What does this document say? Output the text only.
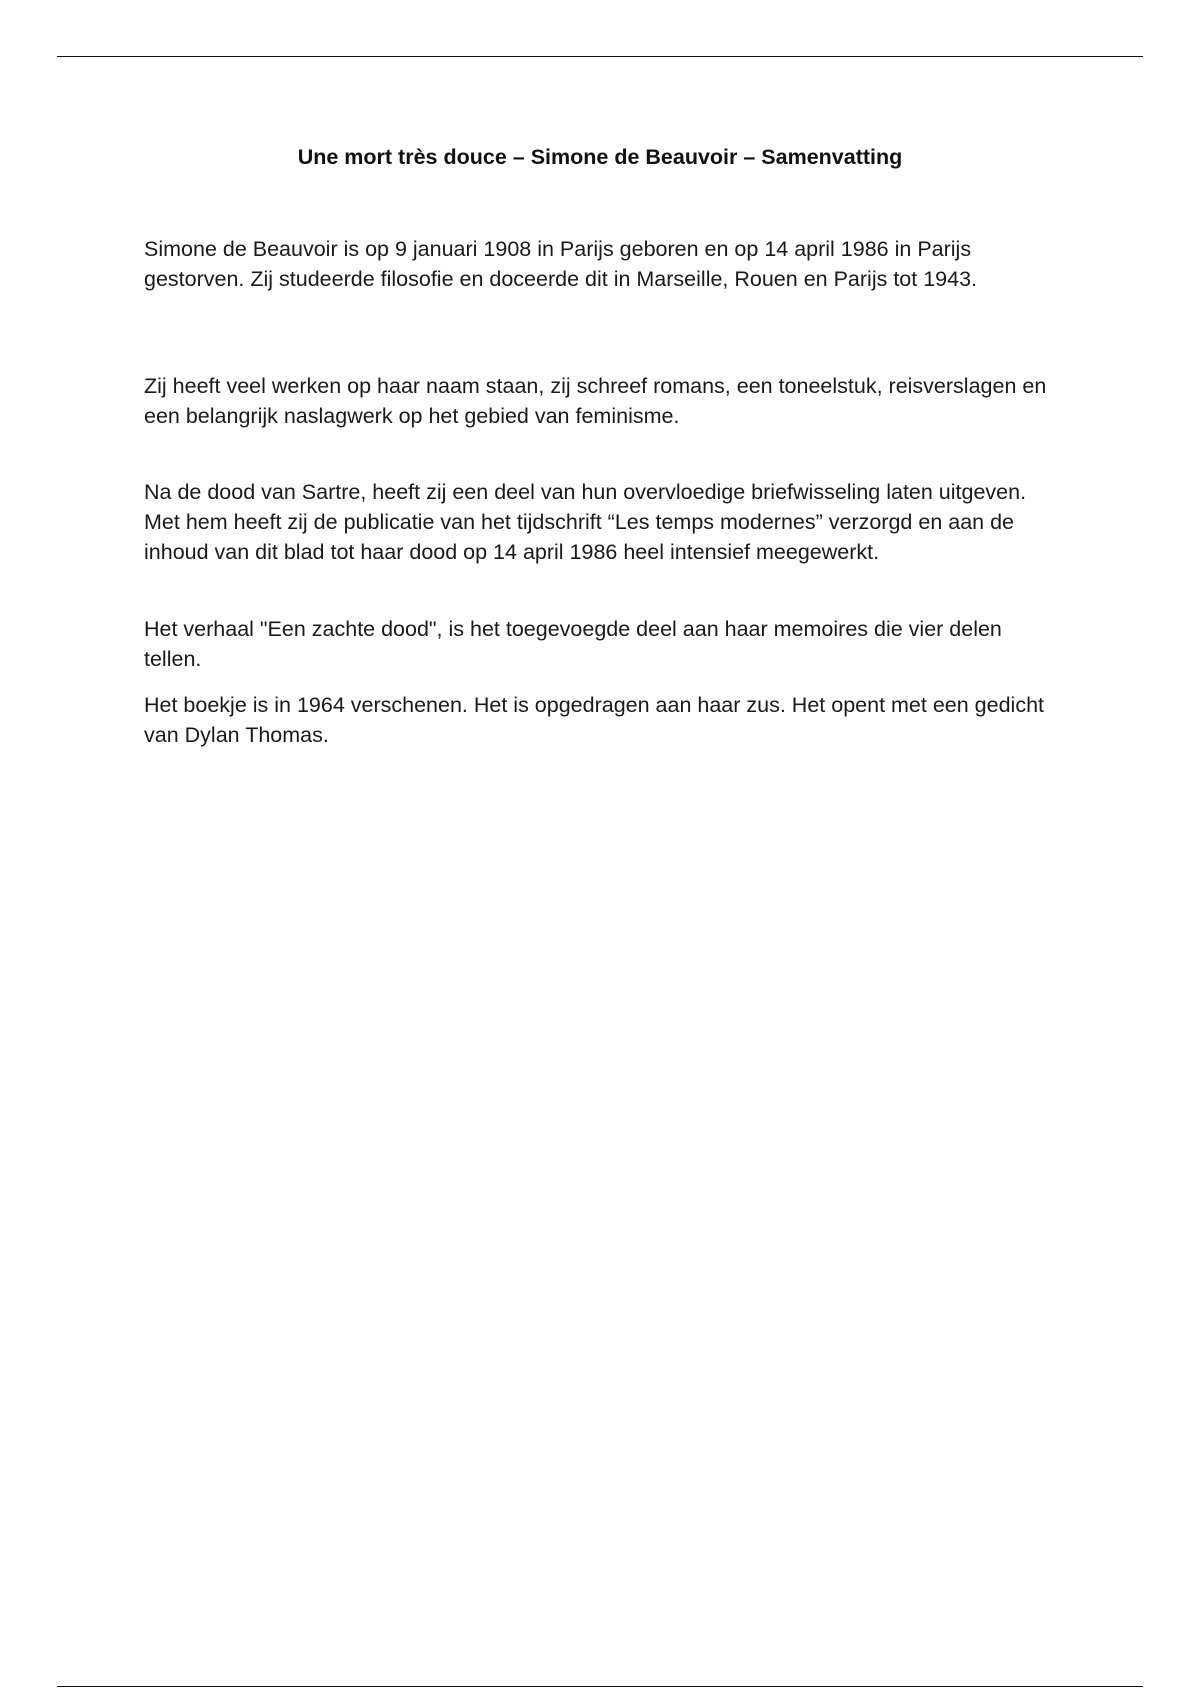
Une mort très douce – Simone de Beauvoir – Samenvatting

Simone de Beauvoir is op 9 januari 1908 in Parijs geboren en op 14 april 1986 in Parijs gestorven. Zij studeerde filosofie en doceerde dit in Marseille, Rouen en Parijs tot 1943.

Zij heeft veel werken op haar naam staan, zij schreef romans, een toneelstuk, reisverslagen en een belangrijk naslagwerk op het gebied van feminisme.

Na de dood van Sartre, heeft zij een deel van hun overvloedige briefwisseling laten uitgeven. Met hem heeft zij de publicatie van het tijdschrift “Les temps modernes” verzorgd en aan de inhoud van dit blad tot haar dood op 14 april 1986 heel intensief meegewerkt.

Het verhaal "Een zachte dood", is het toegevoegde deel aan haar memoires die vier delen tellen.

Het boekje is in 1964 verschenen. Het is opgedragen aan haar zus. Het opent met een gedicht van Dylan Thomas.
